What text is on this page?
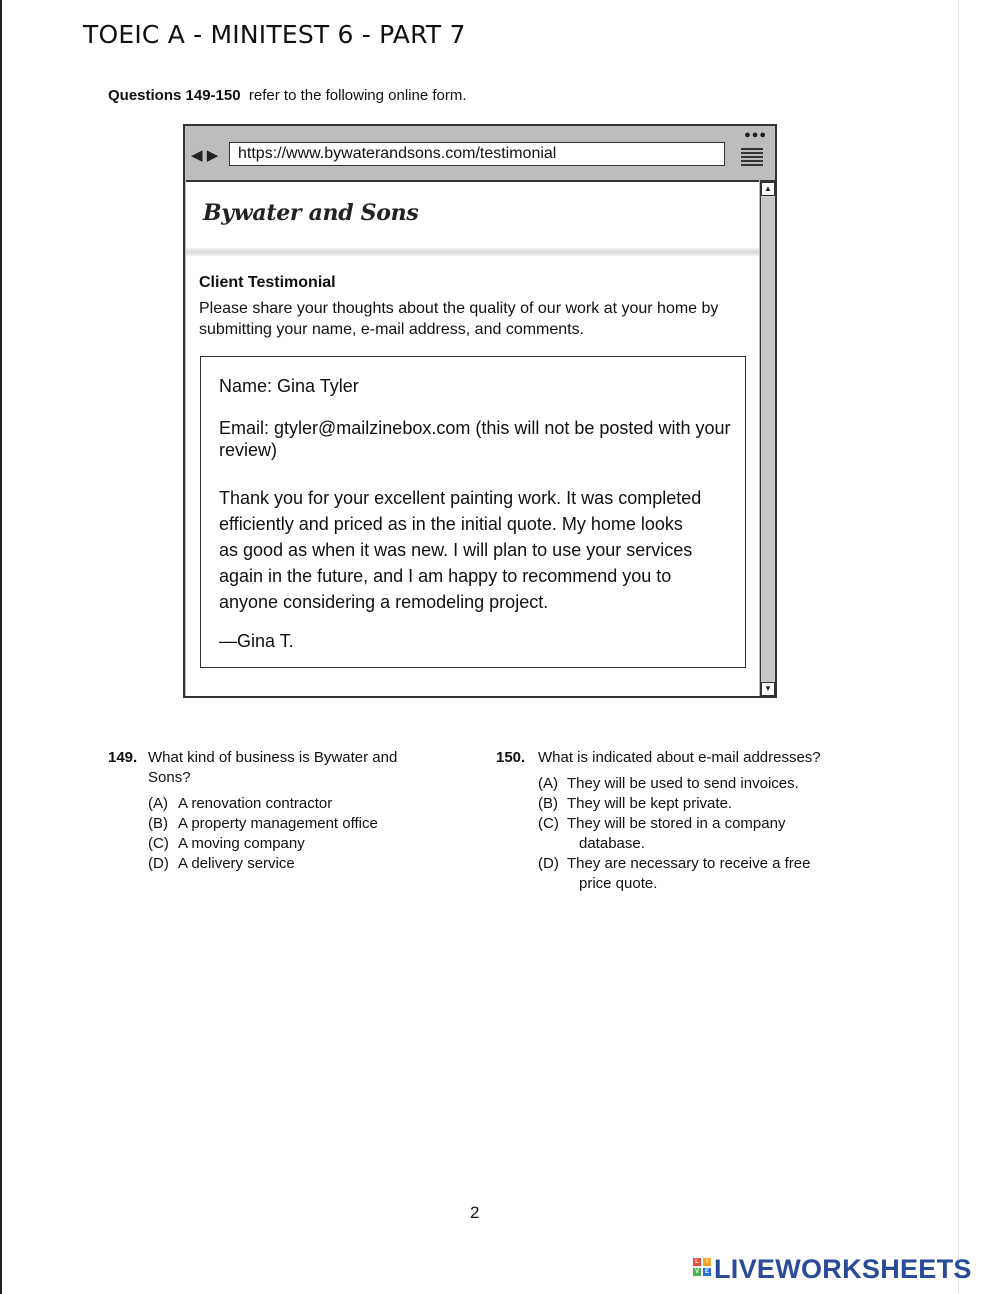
TOEIC A - MINITEST 6 - PART 7
Questions 149-150 refer to the following online form.
●●●
◀ ▶	https://www.bywaterandsons.com/testimonial
Bywater and Sons
Client Testimonial
Please share your thoughts about the quality of our work at your home by submitting your name, e-mail address, and comments.
Name: Gina Tyler
Email: gtyler@mailzinebox.com (this will not be posted with your review)
Thank you for your excellent painting work. It was completed
efficiently and priced as in the initial quote. My home looks
as good as when it was new. I will plan to use your services
again in the future, and I am happy to recommend you to
anyone considering a remodeling project.
—Gina T.
▲
▼
149. What kind of business is Bywater and
Sons?
(A) A renovation contractor
(B) A property management office
(C) A moving company
(D) A delivery service
150. What is indicated about e-mail addresses?
(A) They will be used to send invoices.
(B) They will be kept private.
(C) They will be stored in a company
database.
(D) They are necessary to receive a free
price quote.
2
L	I
V E LIVEWORKSHEETS
